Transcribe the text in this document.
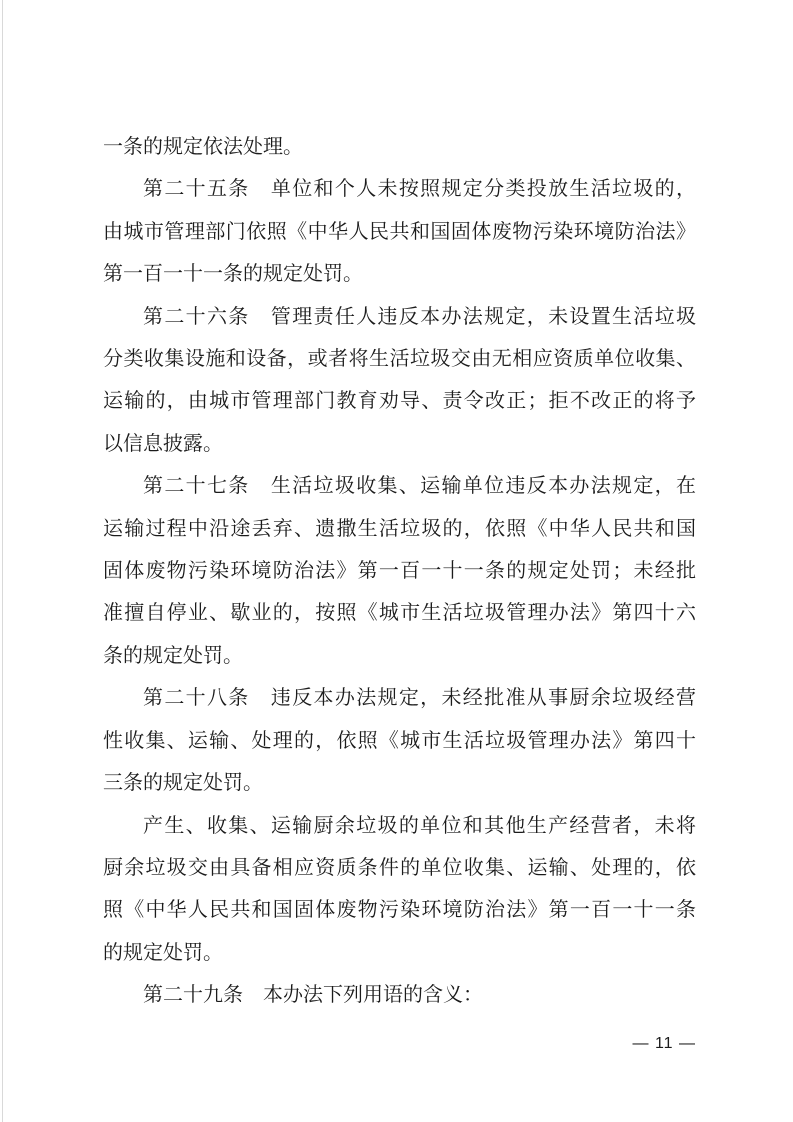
一条的规定依法处理。
第二十五条　单位和个人未按照规定分类投放生活垃圾的，
由城市管理部门依照《中华人民共和国固体废物污染环境防治法》
第一百一十一条的规定处罚。
第二十六条　管理责任人违反本办法规定，未设置生活垃圾
分类收集设施和设备，或者将生活垃圾交由无相应资质单位收集、
运输的，由城市管理部门教育劝导、责令改正；拒不改正的将予
以信息披露。
第二十七条　生活垃圾收集、运输单位违反本办法规定，在
运输过程中沿途丢弃、遗撒生活垃圾的，依照《中华人民共和国
固体废物污染环境防治法》第一百一十一条的规定处罚；未经批
准擅自停业、歇业的，按照《城市生活垃圾管理办法》第四十六
条的规定处罚。
第二十八条　违反本办法规定，未经批准从事厨余垃圾经营
性收集、运输、处理的，依照《城市生活垃圾管理办法》第四十
三条的规定处罚。
产生、收集、运输厨余垃圾的单位和其他生产经营者，未将
厨余垃圾交由具备相应资质条件的单位收集、运输、处理的，依
照《中华人民共和国固体废物污染环境防治法》第一百一十一条
的规定处罚。
第二十九条　本办法下列用语的含义：
— 11 —
